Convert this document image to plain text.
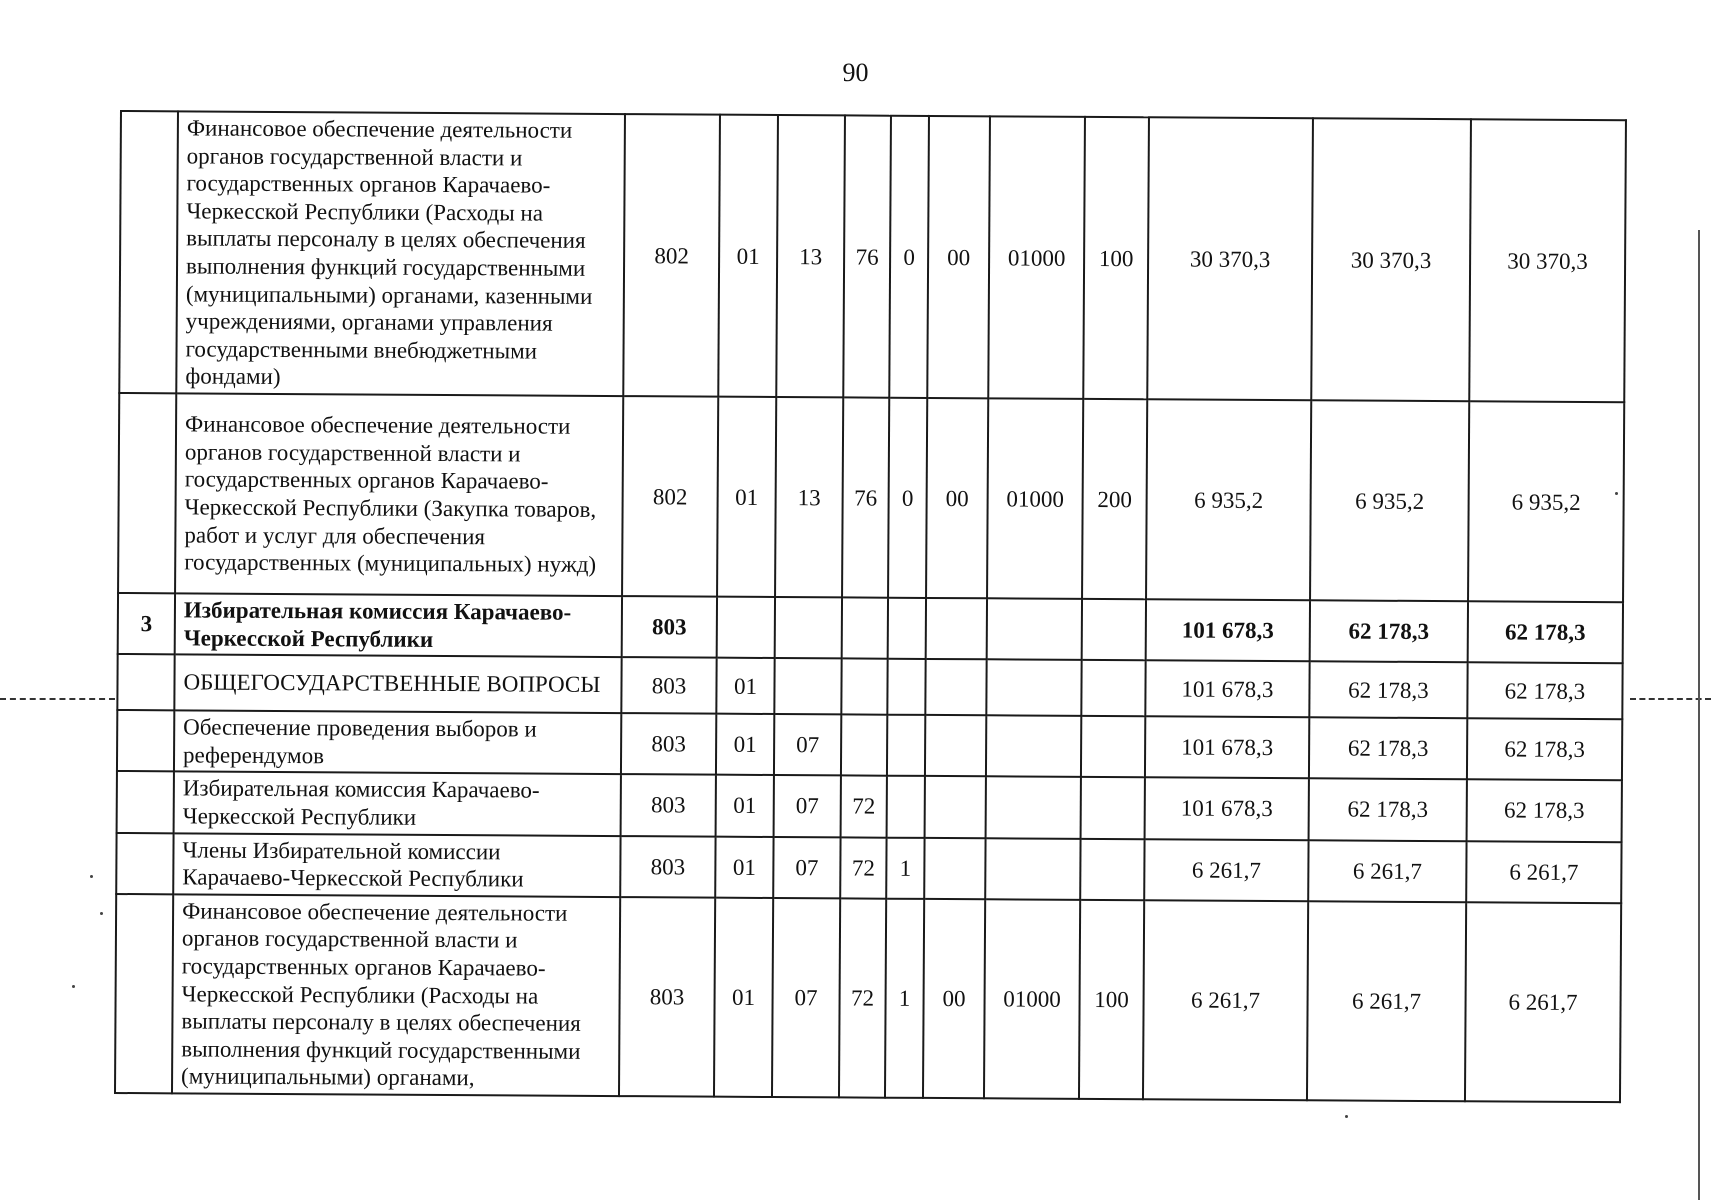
90
	Финансовое обеспечение деятельности органов государственной власти и государственных органов Карачаево-Черкесской Республики (Расходы на выплаты персоналу в целях обеспечения выполнения функций государственными (муниципальными) органами, казенными учреждениями, органами управления государственными внебюджетными фондами)	802	01	13	76	0	00	01000	100	30 370,3	30 370,3	30 370,3
	Финансовое обеспечение деятельности органов государственной власти и государственных органов Карачаево-Черкесской Республики (Закупка товаров, работ и услуг для обеспечения государственных (муниципальных) нужд)	802	01	13	76	0	00	01000	200	6 935,2	6 935,2	6 935,2
3	Избирательная комиссия Карачаево-Черкесской Республики	803								101 678,3	62 178,3	62 178,3
	ОБЩЕГОСУДАРСТВЕННЫЕ ВОПРОСЫ	803	01							101 678,3	62 178,3	62 178,3
	Обеспечение проведения выборов и референдумов	803	01	07						101 678,3	62 178,3	62 178,3
	Избирательная комиссия Карачаево-Черкесской Республики	803	01	07	72					101 678,3	62 178,3	62 178,3
	Члены Избирательной комиссии Карачаево-Черкесской Республики	803	01	07	72	1				6 261,7	6 261,7	6 261,7
	Финансовое обеспечение деятельности органов государственной власти и государственных органов Карачаево-Черкесской Республики (Расходы на выплаты персоналу в целях обеспечения выполнения функций государственными (муниципальными) органами,	803	01	07	72	1	00	01000	100	6 261,7	6 261,7	6 261,7
